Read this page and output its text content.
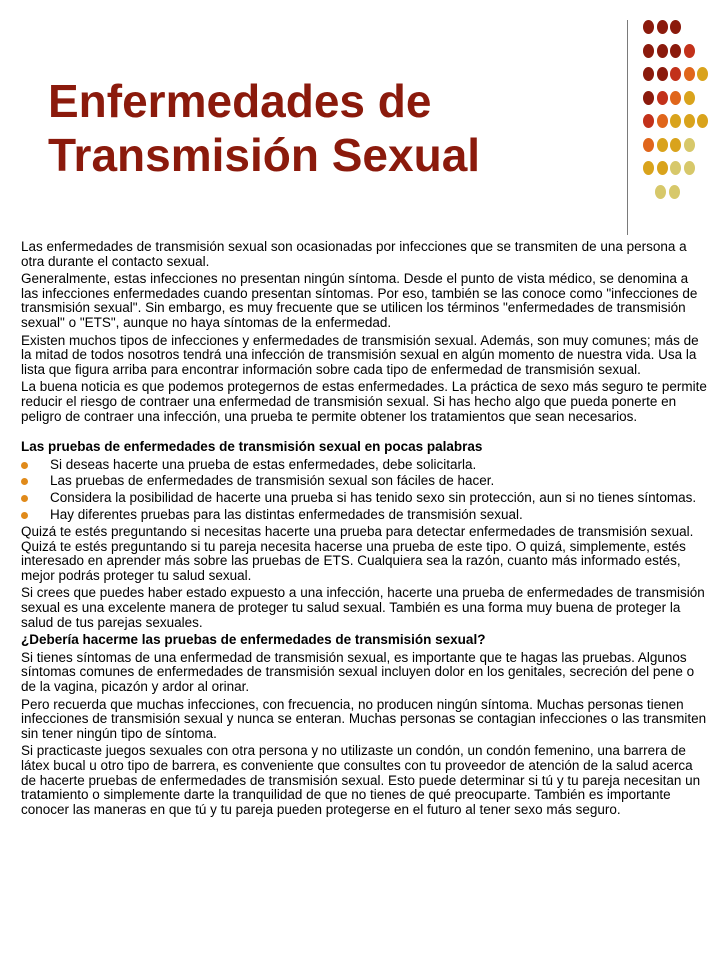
Enfermedades de Transmisión Sexual

Las enfermedades de transmisión sexual son ocasionadas por infecciones que se transmiten de una persona a otra durante el contacto sexual.

Generalmente, estas infecciones no presentan ningún síntoma. Desde el punto de vista médico, se denomina a las infecciones enfermedades cuando presentan síntomas. Por eso, también se las conoce como "infecciones de transmisión sexual". Sin embargo, es muy frecuente que se utilicen los términos "enfermedades de transmisión sexual" o "ETS", aunque no haya síntomas de la enfermedad.

Existen muchos tipos de infecciones y enfermedades de transmisión sexual. Además, son muy comunes; más de la mitad de todos nosotros tendrá una infección de transmisión sexual en algún momento de nuestra vida. Usa la lista que figura arriba para encontrar información sobre cada tipo de enfermedad de transmisión sexual.

La buena noticia es que podemos protegernos de estas enfermedades. La práctica de sexo más seguro te permite reducir el riesgo de contraer una enfermedad de transmisión sexual. Si has hecho algo que pueda ponerte en peligro de contraer una infección, una prueba te permite obtener los tratamientos que sean necesarios.

Las pruebas de enfermedades de transmisión sexual en pocas palabras

Si deseas hacerte una prueba de estas enfermedades, debe solicitarla.
Las pruebas de enfermedades de transmisión sexual son fáciles de hacer.
Considera la posibilidad de hacerte una prueba si has tenido sexo sin protección, aun si no tienes síntomas.
Hay diferentes pruebas para las distintas enfermedades de transmisión sexual.

Quizá te estés preguntando si necesitas hacerte una prueba para detectar enfermedades de transmisión sexual. Quizá te estés preguntando si tu pareja necesita hacerse una prueba de este tipo. O quizá, simplemente, estés interesado en aprender más sobre las pruebas de ETS. Cualquiera sea la razón, cuanto más informado estés, mejor podrás proteger tu salud sexual.

Si crees que puedes haber estado expuesto a una infección, hacerte una prueba de enfermedades de transmisión sexual es una excelente manera de proteger tu salud sexual. También es una forma muy buena de proteger la salud de tus parejas sexuales.

¿Debería hacerme las pruebas de enfermedades de transmisión sexual?

Si tienes síntomas de una enfermedad de transmisión sexual, es importante que te hagas las pruebas. Algunos síntomas comunes de enfermedades de transmisión sexual incluyen dolor en los genitales, secreción del pene o de la vagina, picazón y ardor al orinar.

Pero recuerda que muchas infecciones, con frecuencia, no producen ningún síntoma. Muchas personas tienen infecciones de transmisión sexual y nunca se enteran. Muchas personas se contagian infecciones o las transmiten sin tener ningún tipo de síntoma.

Si practicaste juegos sexuales con otra persona y no utilizaste un condón, un condón femenino, una barrera de látex bucal u otro tipo de barrera, es conveniente que consultes con tu proveedor de atención de la salud acerca de hacerte pruebas de enfermedades de transmisión sexual. Esto puede determinar si tú y tu pareja necesitan un tratamiento o simplemente darte la tranquilidad de que no tienes de qué preocuparte. También es importante conocer las maneras en que tú y tu pareja pueden protegerse en el futuro al tener sexo más seguro.
